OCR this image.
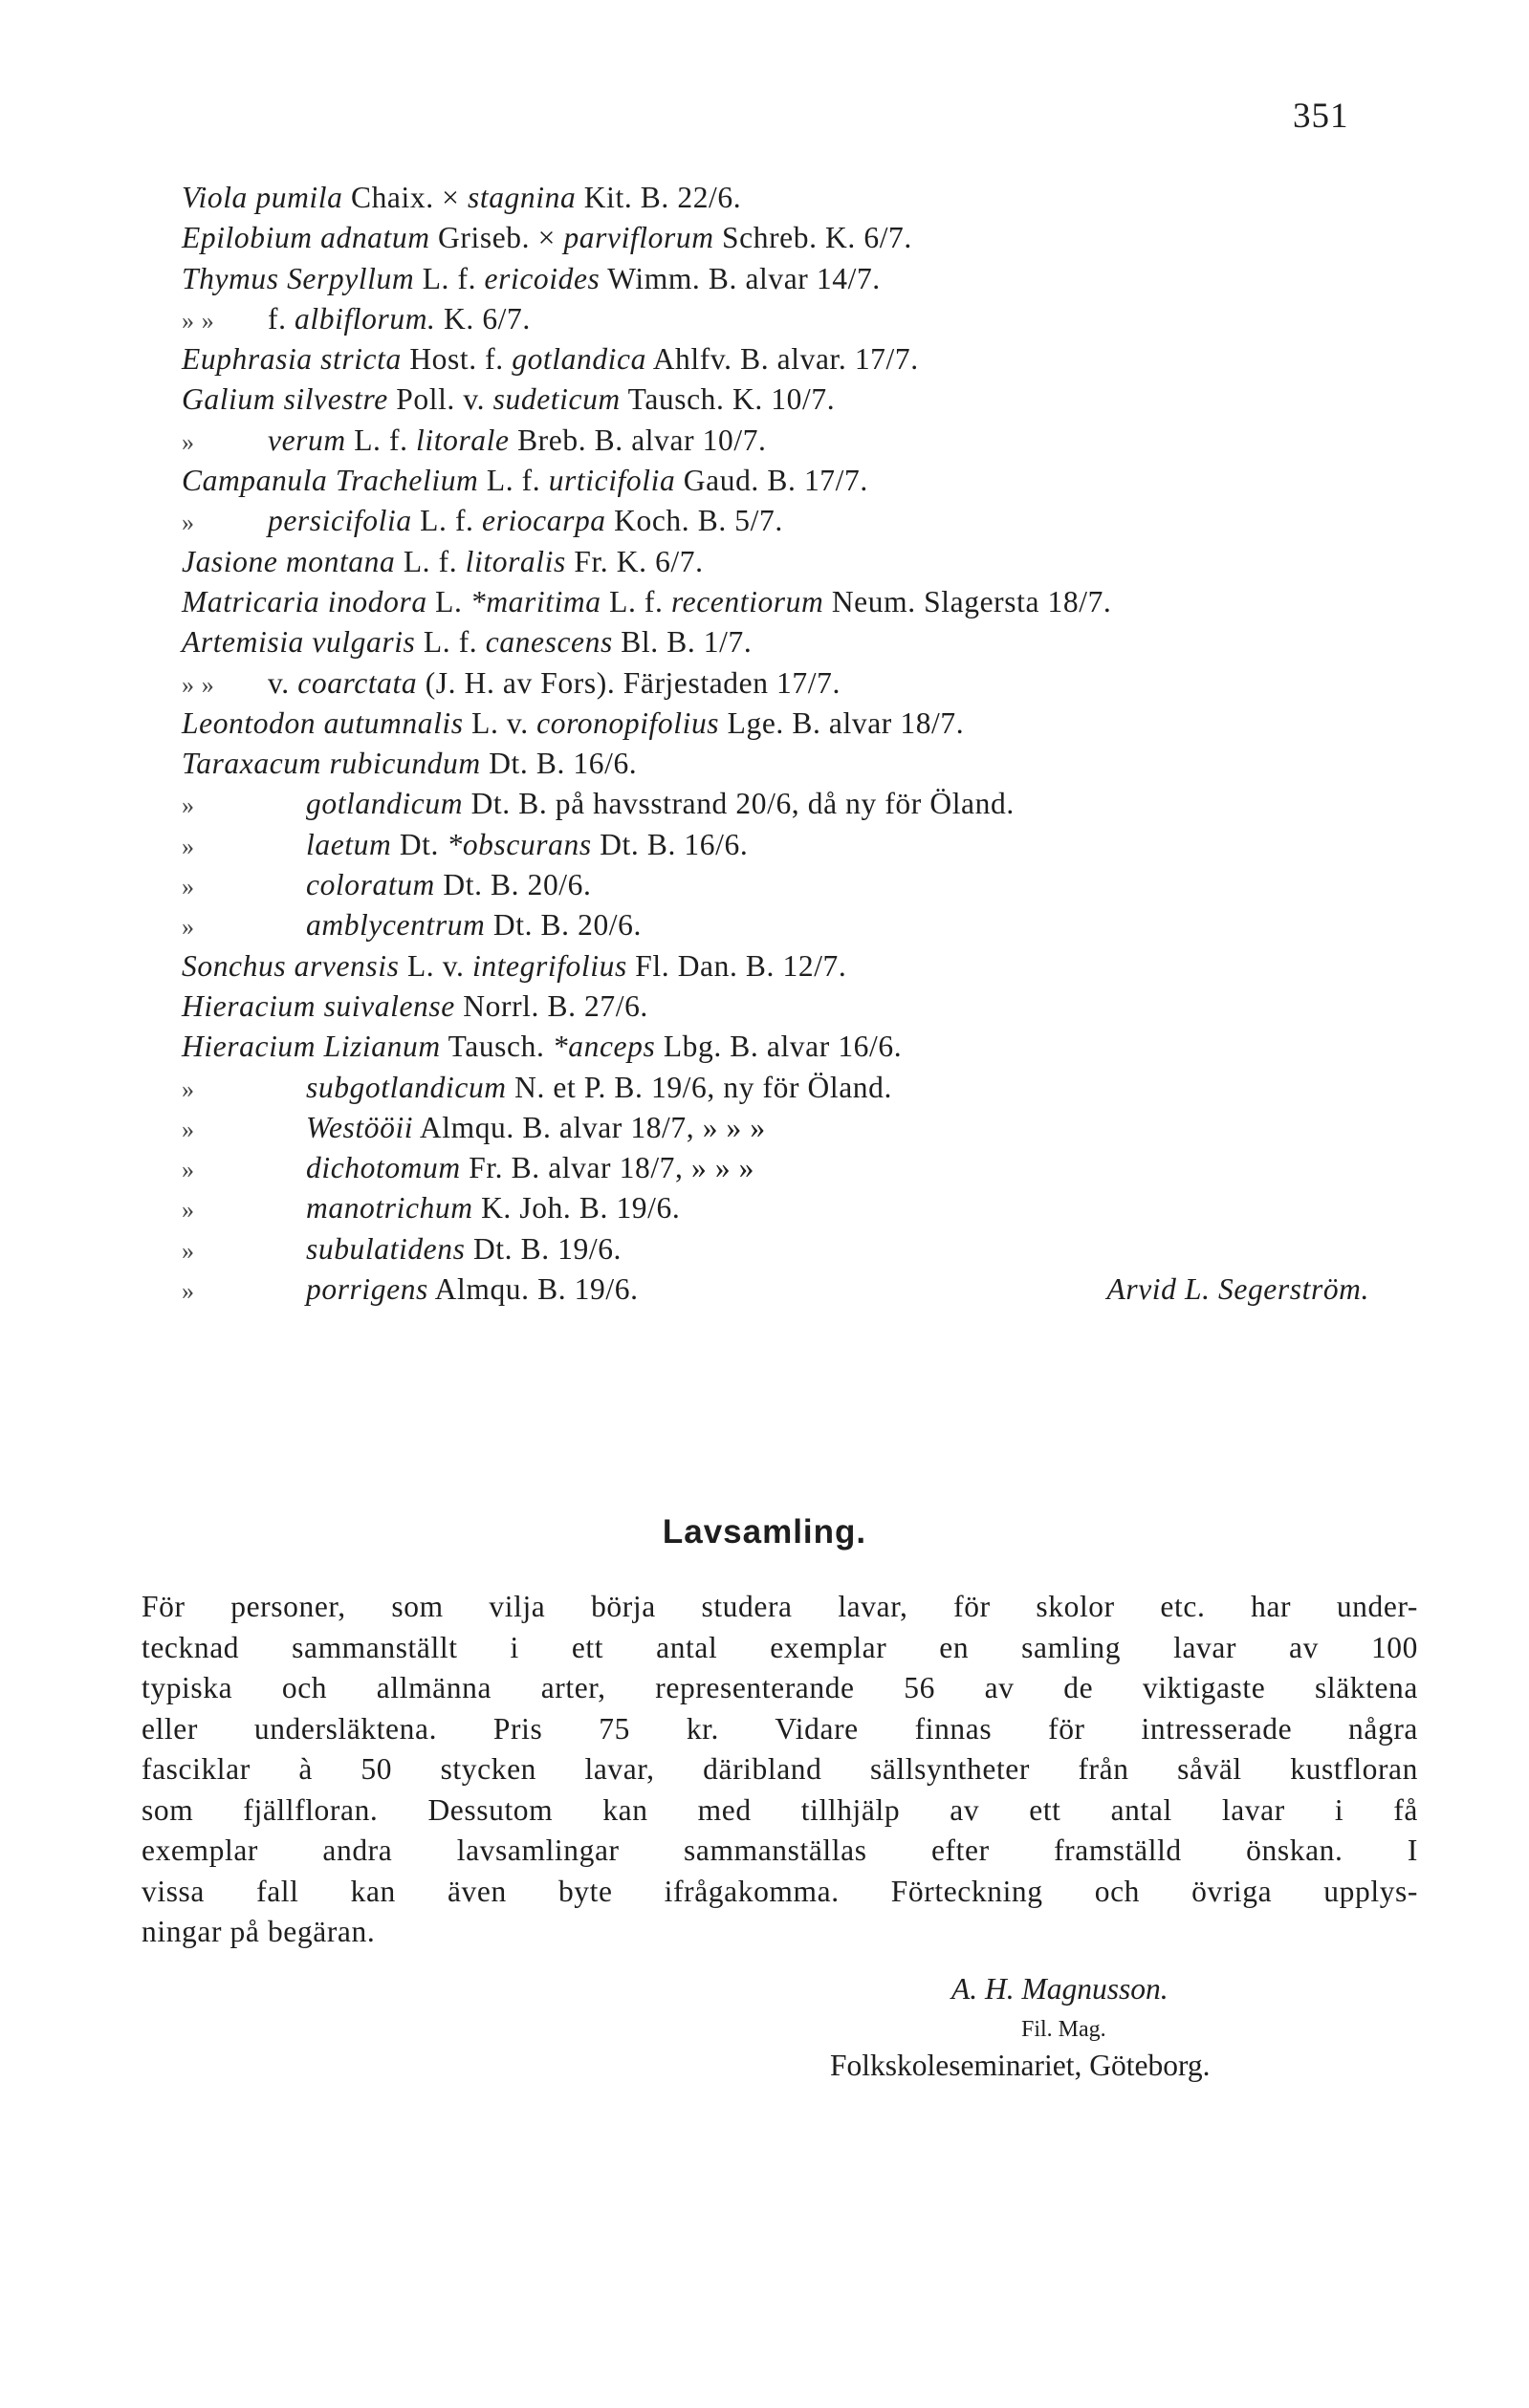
351
Viola pumila Chaix. × stagnina Kit. B. 22/6.
Epilobium adnatum Griseb. × parviflorum Schreb. K. 6/7.
Thymus Serpyllum L. f. ericoides Wimm. B. alvar 14/7.
» » f. albiflorum. K. 6/7.
Euphrasia stricta Host. f. gotlandica Ahlfv. B. alvar. 17/7.
Galium silvestre Poll. v. sudeticum Tausch. K. 10/7.
» verum L. f. litorale Breb. B. alvar 10/7.
Campanula Trachelium L. f. urticifolia Gaud. B. 17/7.
» persicifolia L. f. eriocarpa Koch. B. 5/7.
Jasione montana L. f. litoralis Fr. K. 6/7.
Matricaria inodora L. *maritima L. f. recentiorum Neum. Slagersta 18/7.
Artemisia vulgaris L. f. canescens Bl. B. 1/7.
» » v. coarctata (J. H. av Fors). Färjestaden 17/7.
Leontodon autumnalis L. v. coronopifolius Lge. B. alvar 18/7.
Taraxacum rubicundum Dt. B. 16/6.
»	gotlandicum Dt. B. på havsstrand 20/6, då ny för Öland.
»	laetum Dt. *obscurans Dt. B. 16/6.
»	coloratum Dt. B. 20/6.
»	amblycentrum Dt. B. 20/6.
Sonchus arvensis L. v. integrifolius Fl. Dan. B. 12/7.
Hieracium suivalense Norrl. B. 27/6.
Hieracium Lizianum Tausch. *anceps Lbg. B. alvar 16/6.
»	subgotlandicum N. et P. B. 19/6, ny för Öland.
»	Westööii Almqu. B. alvar 18/7, » » »
»	dichotomum Fr. B. alvar 18/7, » » »
»	manotrichum K. Joh. B. 19/6.
»	subulatidens Dt. B. 19/6.
»	porrigens Almqu. B. 19/6.	Arvid L. Segerström.
Lavsamling.
För personer, som vilja börja studera lavar, för skolor etc. har under-
tecknad sammanställt i ett antal exemplar en samling lavar av 100
typiska och allmänna arter, representerande 56 av de viktigaste släktena
eller undersläktena. Pris 75 kr. Vidare finnas för intresserade några
fasciklar à 50 stycken lavar, däribland sällsyntheter från såväl kustfloran
som fjällfloran. Dessutom kan med tillhjälp av ett antal lavar i få
exemplar andra lavsamlingar sammanställas efter framställd önskan. I
vissa fall kan även byte ifrågakomma. Förteckning och övriga upplys-
ningar på begäran.
A. H. Magnusson.
Fil. Mag.
Folkskoleseminariet, Göteborg.
